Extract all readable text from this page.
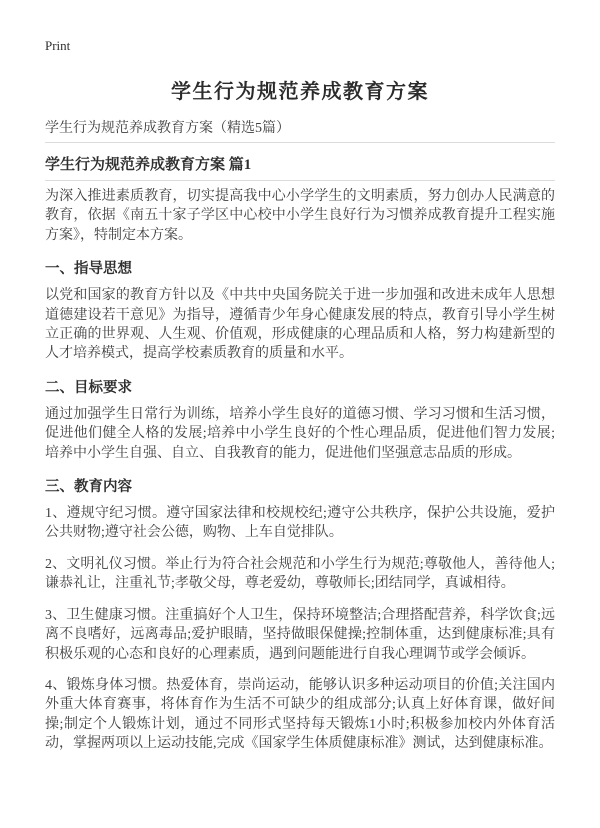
Print
学生行为规范养成教育方案
学生行为规范养成教育方案（精选5篇）
学生行为规范养成教育方案 篇1

为深入推进素质教育，切实提高我中心小学学生的文明素质，努力创办人民满意的教育，依据《南五十家子学区中心校中小学生良好行为习惯养成教育提升工程实施方案》，特制定本方案。

一、指导思想

以党和国家的教育方针以及《中共中央国务院关于进一步加强和改进未成年人思想道德建设若干意见》为指导，遵循青少年身心健康发展的特点，教育引导小学生树立正确的世界观、人生观、价值观，形成健康的心理品质和人格，努力构建新型的人才培养模式，提高学校素质教育的质量和水平。

二、目标要求

通过加强学生日常行为训练，培养小学生良好的道德习惯、学习习惯和生活习惯，促进他们健全人格的发展;培养中小学生良好的个性心理品质，促进他们智力发展;培养中小学生自强、自立、自我教育的能力，促进他们坚强意志品质的形成。

三、教育内容

1、遵规守纪习惯。遵守国家法律和校规校纪;遵守公共秩序，保护公共设施，爱护公共财物;遵守社会公德，购物、上车自觉排队。

2、文明礼仪习惯。举止行为符合社会规范和小学生行为规范;尊敬他人，善待他人;谦恭礼让，注重礼节;孝敬父母，尊老爱幼，尊敬师长;团结同学，真诚相待。

3、卫生健康习惯。注重搞好个人卫生，保持环境整洁;合理搭配营养，科学饮食;远离不良嗜好，远离毒品;爱护眼睛，坚持做眼保健操;控制体重，达到健康标准;具有积极乐观的心态和良好的心理素质，遇到问题能进行自我心理调节或学会倾诉。

4、锻炼身体习惯。热爱体育，崇尚运动，能够认识多种运动项目的价值;关注国内外重大体育赛事，将体育作为生活不可缺少的组成部分;认真上好体育课，做好间操;制定个人锻炼计划，通过不同形式坚持每天锻炼1小时;积极参加校内外体育活动，掌握两项以上运动技能,完成《国家学生体质健康标准》测试，达到健康标准。
